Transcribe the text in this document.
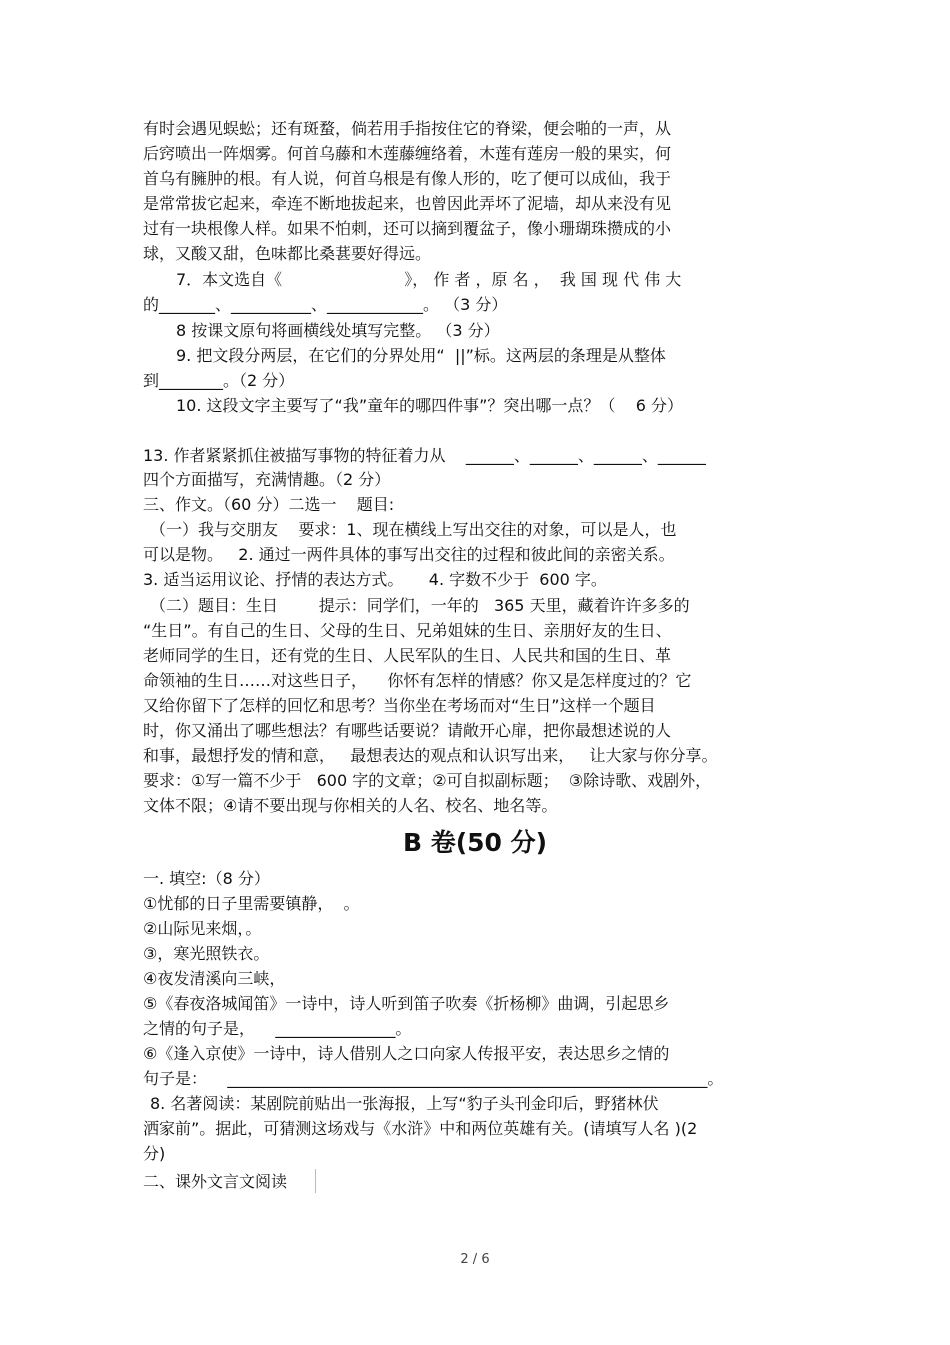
有时会遇见蜈蚣；还有斑蝥，倘若用手指按住它的脊梁，便会啪的一声，从
后窍喷出一阵烟雾。何首乌藤和木莲藤缠络着，木莲有莲房一般的果实，何
首乌有臃肿的根。有人说，何首乌根是有像人形的，吃了便可以成仙，我于
是常常拔它起来，牵连不断地拔起来，也曾因此弄坏了泥墙，却从来没有见
过有一块根像人样。如果不怕刺，还可以摘到覆盆子，像小珊瑚珠攒成的小
球，又酸又甜，色味都比桑葚要好得远。
7．本文选自《                        》， 作 者 ，原 名 ，  我 国 现 代 伟 大
的_______、__________、____________。 （3 分）
8 按课文原句将画横线处填写完整。 （3 分）
9. 把文段分两层，在它们的分界处用“  ||”标。这两层的条理是从整体
到________。（2 分）
10. 这段文字主要写了“我”童年的哪四件事”？突出哪一点？（    6 分）
13. 作者紧紧抓住被描写事物的特征着力从    ______、______、______、______
四个方面描写，充满情趣。（2 分）
三、作文。（60 分）二选一    题目:
（一）我与交朋友    要求：1、现在横线上写出交往的对象，可以是人，也
可以是物。   2. 通过一两件具体的事写出交往的过程和彼此间的亲密关系。
3. 适当运用议论、抒情的表达方式。     4. 字数不少于  600 字。
（二）题目：生日        提示：同学们，一年的   365 天里，藏着许许多多的
“生日”。有自己的生日、父母的生日、兄弟姐妹的生日、亲朋好友的生日、
老师同学的生日，还有党的生日、人民军队的生日、人民共和国的生日、革
命领袖的生日……对这些日子，    你怀有怎样的情感？你又是怎样度过的？它
又给你留下了怎样的回忆和思考？当你坐在考场而对“生日”这样一个题目
时，你又涌出了哪些想法？有哪些话要说？请敞开心扉，把你最想述说的人
和事，最想抒发的情和意，   最想表达的观点和认识写出来，   让大家与你分享。
要求：①写一篇不少于   600 字的文章；②可自拟副标题；  ③除诗歌、戏剧外，
文体不限；④请不要出现与你相关的人名、校名、地名等。
B 卷(50 分)
一. 填空:（8 分）
①忧郁的日子里需要镇静，  。
②山际见来烟，。
③，寒光照铁衣。
④夜发清溪向三峡，
⑤《春夜洛城闻笛》一诗中，诗人听到笛子吹奏《折杨柳》曲调，引起思乡
之情的句子是，    _______________。
⑥《逢入京使》一诗中，诗人借别人之口向家人传报平安，表达思乡之情的
句子是：    ____________________________________________________________。
8. 名著阅读：某剧院前贴出一张海报，上写“豹子头刊金印后，野猪林伏
洒家前”。据此，可猜测这场戏与《水浒》中和两位英雄有关。(请填写人名 )(2
分)
二、课外文言文阅读
2 / 6
